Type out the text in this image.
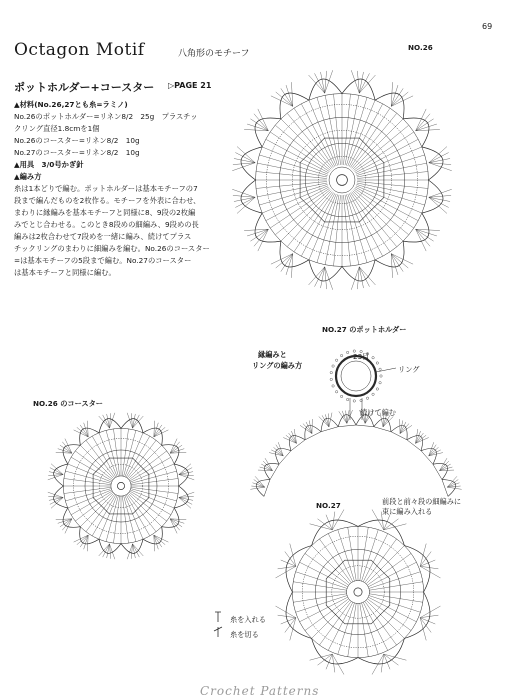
69
Octagon Motif	八角形のモチーフ
ポットホルダー+コースター ▷PAGE 21
▲材料(No.26,27とも糸=ラミノ)
No.26のポットホルダー=リネン8/2　25g　プラスチッ
クリング直径1.8cmを1個
No.26のコースター=リネン8/2　10g
No.27のコースター=リネン8/2　10g
▲用具　3/0号かぎ針
▲編み方
糸は1本どりで編む。ポットホルダーは基本モチーフの7
段まで編んだものを2枚作る。モチーフを外表に合わせ、
まわりに縁編みを基本モチーフと同様に8、9段の2枚編
みでとじ合わせる。このとき8段めの細編み、9段めの長
編みは2枚合わせて7段めを一緒に編み、続けてプラス
チックリングのまわりに細編みを編む。No.26のコースター
=は基本モチーフの5段まで編む。No.27のコースター
は基本モチーフと同様に編む。
NO.26
NO.27 のポットホルダー
縁編みと
リングの編み方
23目
リング
続けて編む
NO.26 のコースター
NO.27	前段と前々段の細編みに
束に編み入れる
糸を入れる
糸を切る
Crochet Patterns
